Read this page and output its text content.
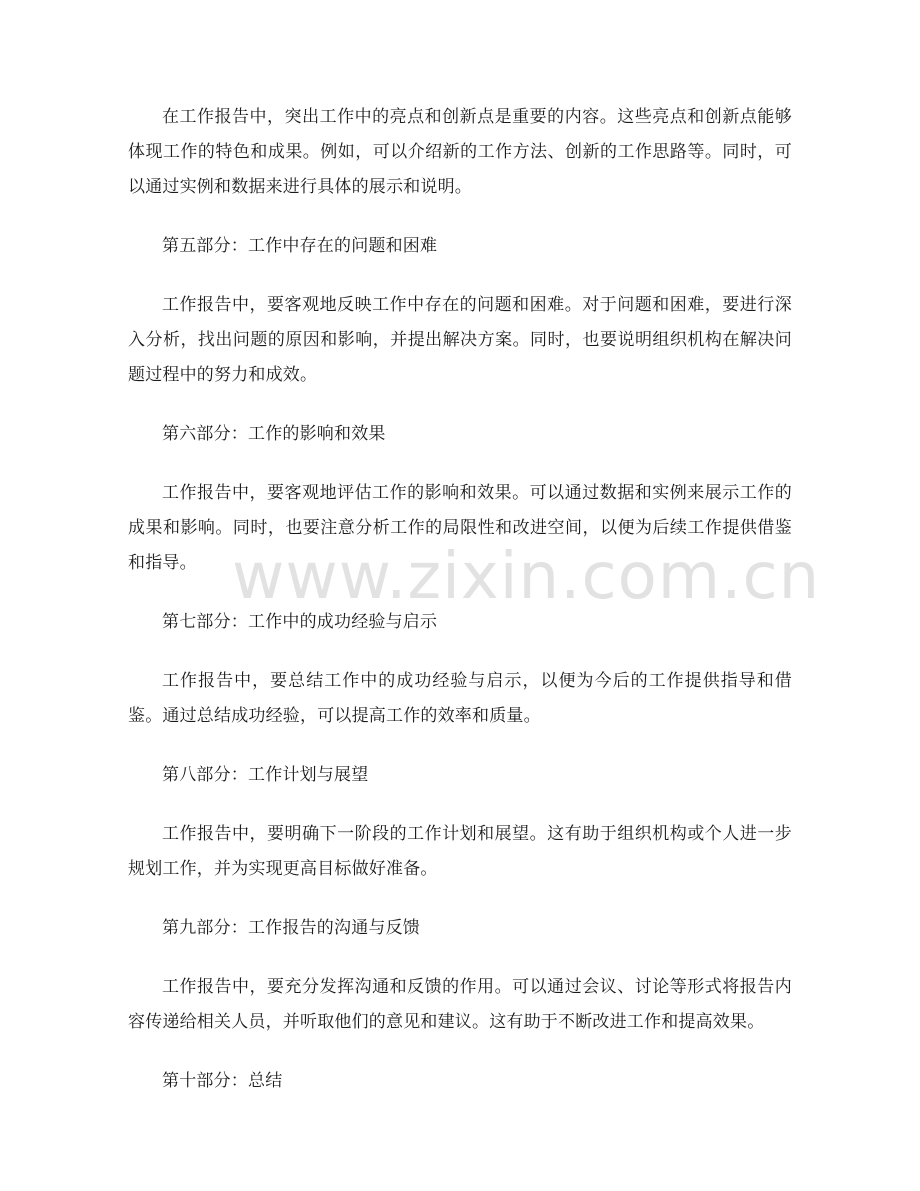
在工作报告中，突出工作中的亮点和创新点是重要的内容。这些亮点和创新点能够体现工作的特色和成果。例如，可以介绍新的工作方法、创新的工作思路等。同时，可以通过实例和数据来进行具体的展示和说明。

第五部分：工作中存在的问题和困难

工作报告中，要客观地反映工作中存在的问题和困难。对于问题和困难，要进行深入分析，找出问题的原因和影响，并提出解决方案。同时，也要说明组织机构在解决问题过程中的努力和成效。

第六部分：工作的影响和效果

工作报告中，要客观地评估工作的影响和效果。可以通过数据和实例来展示工作的成果和影响。同时，也要注意分析工作的局限性和改进空间，以便为后续工作提供借鉴和指导。

第七部分：工作中的成功经验与启示

工作报告中，要总结工作中的成功经验与启示，以便为今后的工作提供指导和借鉴。通过总结成功经验，可以提高工作的效率和质量。

第八部分：工作计划与展望

工作报告中，要明确下一阶段的工作计划和展望。这有助于组织机构或个人进一步规划工作，并为实现更高目标做好准备。

第九部分：工作报告的沟通与反馈

工作报告中，要充分发挥沟通和反馈的作用。可以通过会议、讨论等形式将报告内容传递给相关人员，并听取他们的意见和建议。这有助于不断改进工作和提高效果。

第十部分：总结

www.zixin.com.cn
